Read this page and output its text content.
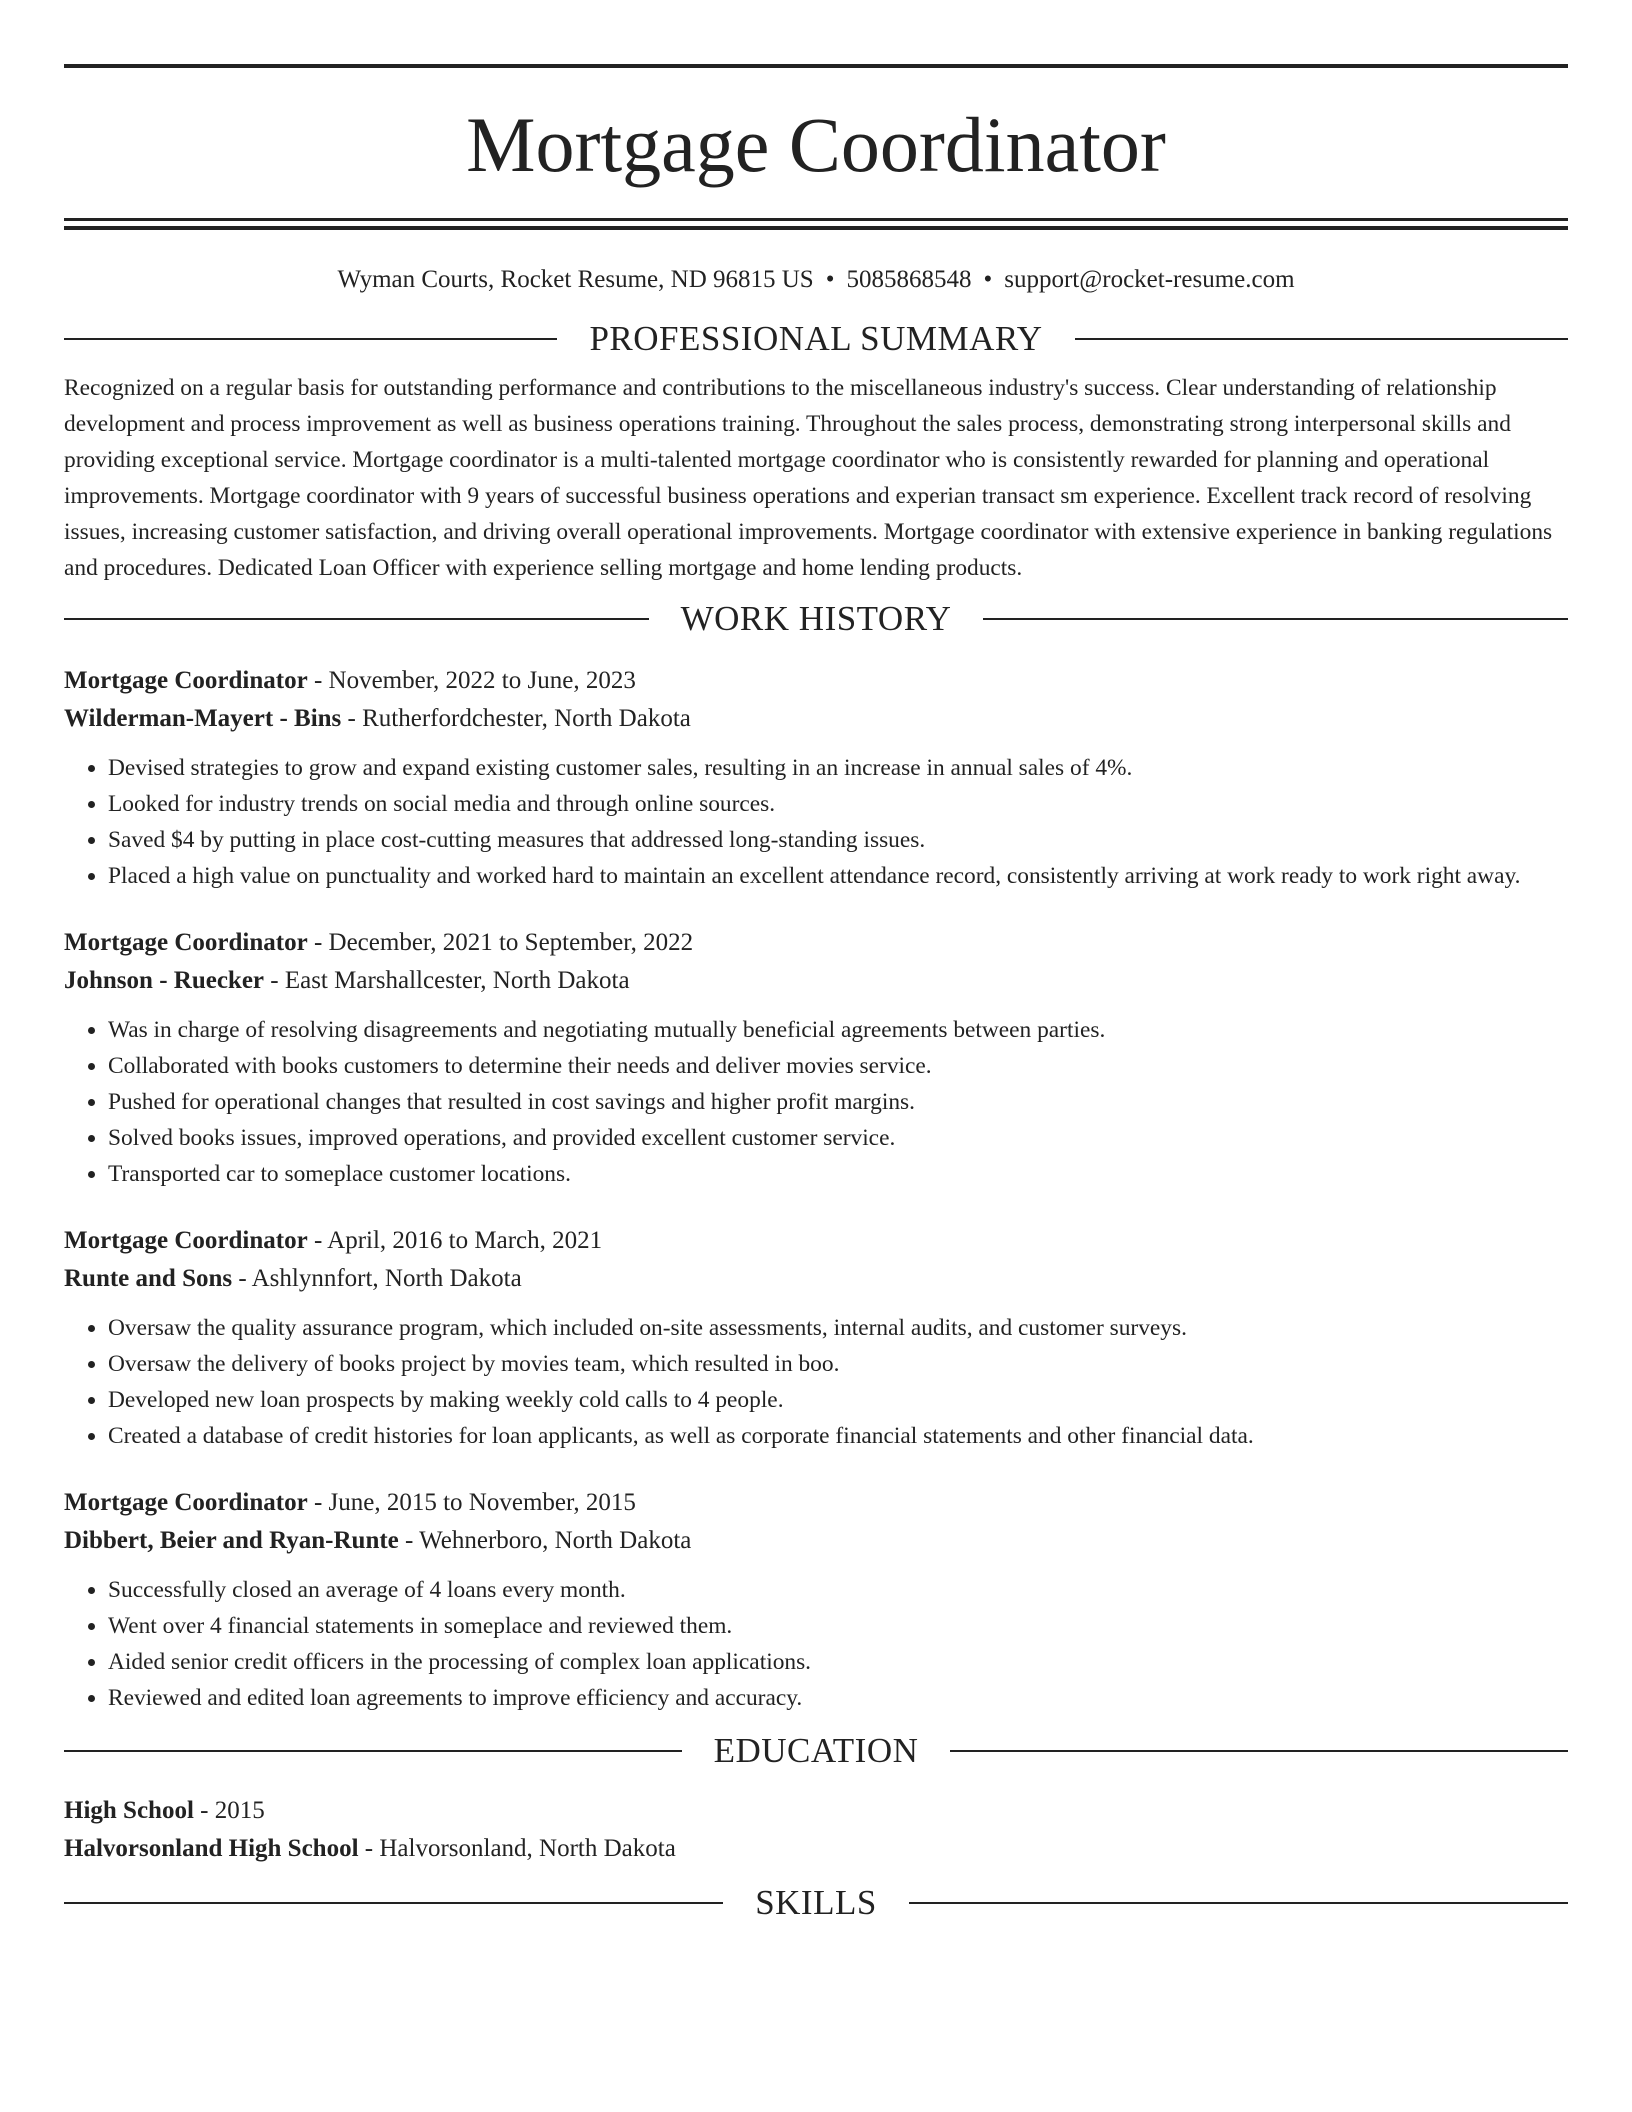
Mortgage Coordinator
Wyman Courts, Rocket Resume, ND 96815 US • 5085868548 • support@rocket-resume.com
PROFESSIONAL SUMMARY
Recognized on a regular basis for outstanding performance and contributions to the miscellaneous industry's success. Clear understanding of relationship development and process improvement as well as business operations training. Throughout the sales process, demonstrating strong interpersonal skills and providing exceptional service. Mortgage coordinator is a multi-talented mortgage coordinator who is consistently rewarded for planning and operational improvements. Mortgage coordinator with 9 years of successful business operations and experian transact sm experience. Excellent track record of resolving issues, increasing customer satisfaction, and driving overall operational improvements. Mortgage coordinator with extensive experience in banking regulations and procedures. Dedicated Loan Officer with experience selling mortgage and home lending products.
WORK HISTORY
Mortgage Coordinator - November, 2022 to June, 2023
Wilderman-Mayert - Bins - Rutherfordchester, North Dakota
• Devised strategies to grow and expand existing customer sales, resulting in an increase in annual sales of 4%.
• Looked for industry trends on social media and through online sources.
• Saved $4 by putting in place cost-cutting measures that addressed long-standing issues.
• Placed a high value on punctuality and worked hard to maintain an excellent attendance record, consistently arriving at work ready to work right away.
Mortgage Coordinator - December, 2021 to September, 2022
Johnson - Ruecker - East Marshallcester, North Dakota
• Was in charge of resolving disagreements and negotiating mutually beneficial agreements between parties.
• Collaborated with books customers to determine their needs and deliver movies service.
• Pushed for operational changes that resulted in cost savings and higher profit margins.
• Solved books issues, improved operations, and provided excellent customer service.
• Transported car to someplace customer locations.
Mortgage Coordinator - April, 2016 to March, 2021
Runte and Sons - Ashlynnfort, North Dakota
• Oversaw the quality assurance program, which included on-site assessments, internal audits, and customer surveys.
• Oversaw the delivery of books project by movies team, which resulted in boo.
• Developed new loan prospects by making weekly cold calls to 4 people.
• Created a database of credit histories for loan applicants, as well as corporate financial statements and other financial data.
Mortgage Coordinator - June, 2015 to November, 2015
Dibbert, Beier and Ryan-Runte - Wehnerboro, North Dakota
• Successfully closed an average of 4 loans every month.
• Went over 4 financial statements in someplace and reviewed them.
• Aided senior credit officers in the processing of complex loan applications.
• Reviewed and edited loan agreements to improve efficiency and accuracy.
EDUCATION
High School - 2015
Halvorsonland High School - Halvorsonland, North Dakota
SKILLS
